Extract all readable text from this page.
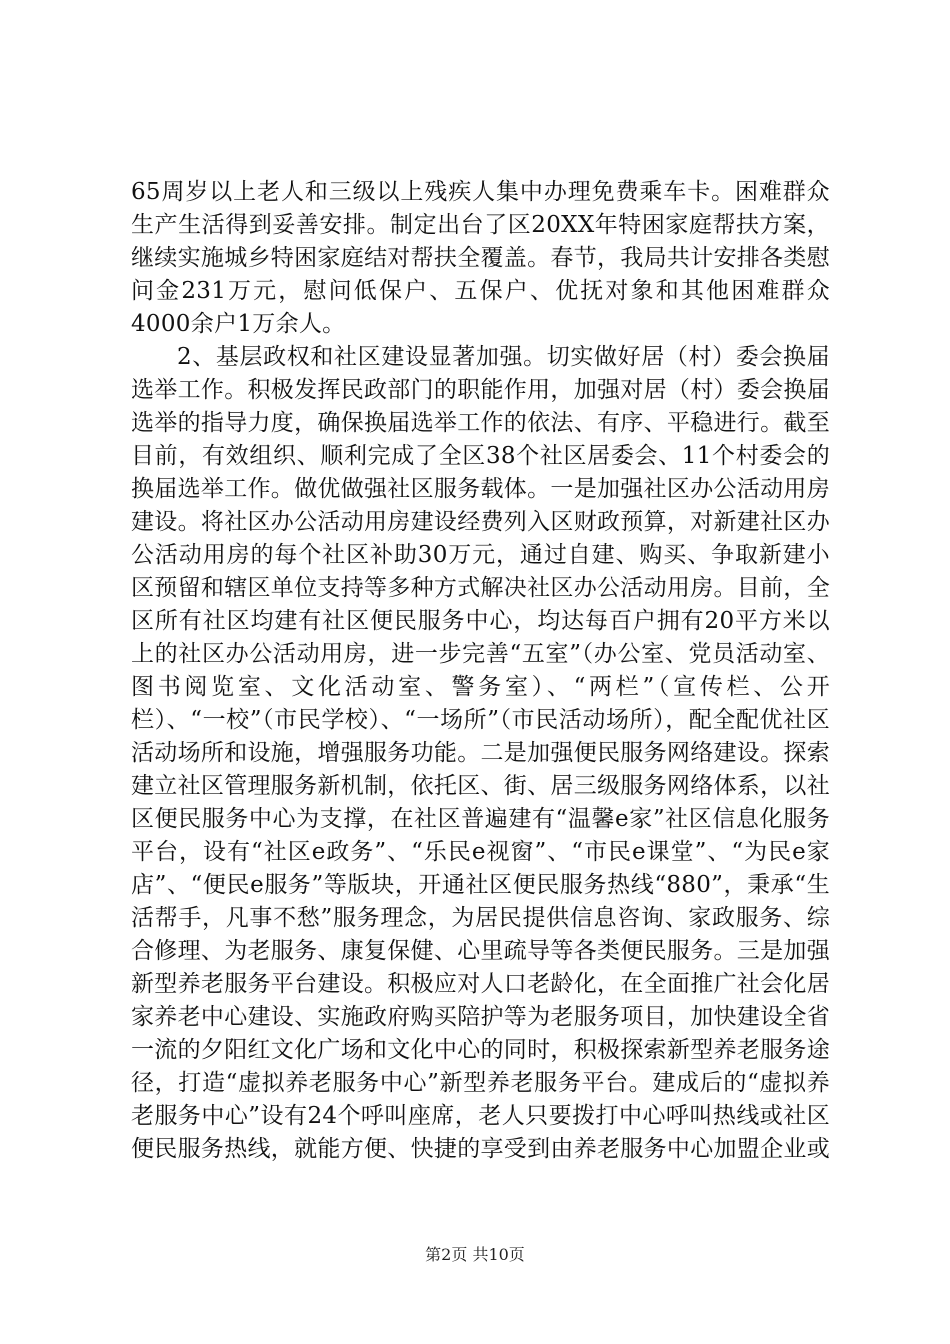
65周岁以上老人和三级以上残疾人集中办理免费乘车卡。困难群众生产生活得到妥善安排。制定出台了区20XX年特困家庭帮扶方案，继续实施城乡特困家庭结对帮扶全覆盖。春节，我局共计安排各类慰问金231万元，慰问低保户、五保户、优抚对象和其他困难群众4000余户1万余人。

2、基层政权和社区建设显著加强。切实做好居（村）委会换届选举工作。积极发挥民政部门的职能作用，加强对居（村）委会换届选举的指导力度，确保换届选举工作的依法、有序、平稳进行。截至目前，有效组织、顺利完成了全区38个社区居委会、11个村委会的换届选举工作。做优做强社区服务载体。一是加强社区办公活动用房建设。将社区办公活动用房建设经费列入区财政预算，对新建社区办公活动用房的每个社区补助30万元，通过自建、购买、争取新建小区预留和辖区单位支持等多种方式解决社区办公活动用房。目前，全区所有社区均建有社区便民服务中心，均达每百户拥有20平方米以上的社区办公活动用房，进一步完善“五室”（办公室、党员活动室、图书阅览室、文化活动室、警务室）、“两栏”（宣传栏、公开栏）、“一校”（市民学校）、“一场所”（市民活动场所），配全配优社区活动场所和设施，增强服务功能。二是加强便民服务网络建设。探索建立社区管理服务新机制，依托区、街、居三级服务网络体系，以社区便民服务中心为支撑，在社区普遍建有“温馨e家”社区信息化服务平台，设有“社区e政务”、“乐民e视窗”、“市民e课堂”、“为民e家店”、“便民e服务”等版块，开通社区便民服务热线“880”，秉承“生活帮手，凡事不愁”服务理念，为居民提供信息咨询、家政服务、综合修理、为老服务、康复保健、心里疏导等各类便民服务。三是加强新型养老服务平台建设。积极应对人口老龄化，在全面推广社会化居家养老中心建设、实施政府购买陪护等为老服务项目，加快建设全省一流的夕阳红文化广场和文化中心的同时，积极探索新型养老服务途径，打造“虚拟养老服务中心”新型养老服务平台。建成后的“虚拟养老服务中心”设有24个呼叫座席，老人只要拨打中心呼叫热线或社区便民服务热线，就能方便、快捷的享受到由养老服务中心加盟企业或

第2页 共10页
